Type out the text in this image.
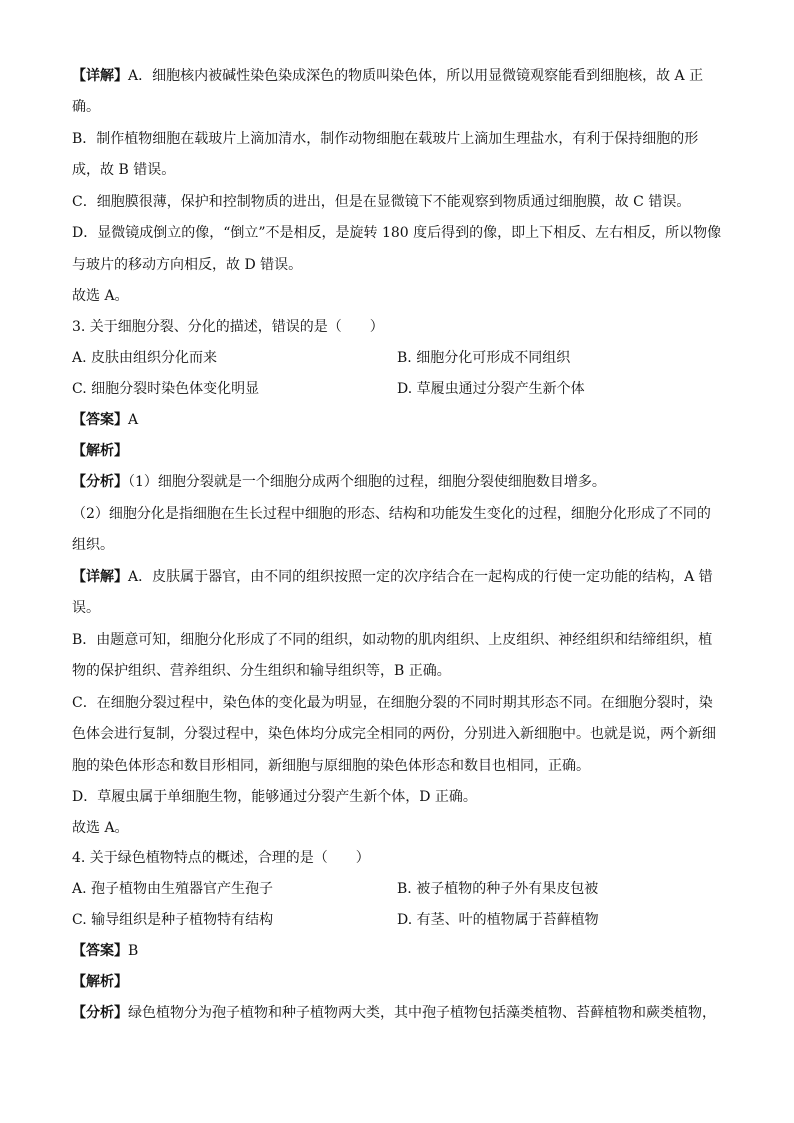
【详解】A．细胞核内被碱性染色染成深色的物质叫染色体，所以用显微镜观察能看到细胞核，故 A 正
确。
B．制作植物细胞在载玻片上滴加清水，制作动物细胞在载玻片上滴加生理盐水，有利于保持细胞的形
成，故 B 错误。
C．细胞膜很薄，保护和控制物质的进出，但是在显微镜下不能观察到物质通过细胞膜，故 C 错误。
D．显微镜成倒立的像，“倒立”不是相反，是旋转 180 度后得到的像，即上下相反、左右相反，所以物像
与玻片的移动方向相反，故 D 错误。
故选 A。
3. 关于细胞分裂、分化的描述，错误的是（　　）
A. 皮肤由组织分化而来	B. 细胞分化可形成不同组织
C. 细胞分裂时染色体变化明显	D. 草履虫通过分裂产生新个体
【答案】A
【解析】
【分析】（1）细胞分裂就是一个细胞分成两个细胞的过程，细胞分裂使细胞数目增多。
（2）细胞分化是指细胞在生长过程中细胞的形态、结构和功能发生变化的过程，细胞分化形成了不同的
组织。
【详解】A．皮肤属于器官，由不同的组织按照一定的次序结合在一起构成的行使一定功能的结构，A 错
误。
B．由题意可知，细胞分化形成了不同的组织，如动物的肌肉组织、上皮组织、神经组织和结缔组织，植
物的保护组织、营养组织、分生组织和输导组织等，B 正确。
C．在细胞分裂过程中，染色体的变化最为明显，在细胞分裂的不同时期其形态不同。在细胞分裂时，染
色体会进行复制，分裂过程中，染色体均分成完全相同的两份，分别进入新细胞中。也就是说，两个新细
胞的染色体形态和数目形相同，新细胞与原细胞的染色体形态和数目也相同，正确。
D．草履虫属于单细胞生物，能够通过分裂产生新个体，D 正确。
故选 A。
4. 关于绿色植物特点的概述，合理的是（　　）
A. 孢子植物由生殖器官产生孢子	B. 被子植物的种子外有果皮包被
C. 输导组织是种子植物特有结构	D. 有茎、叶的植物属于苔藓植物
【答案】B
【解析】
【分析】绿色植物分为孢子植物和种子植物两大类，其中孢子植物包括藻类植物、苔藓植物和蕨类植物，
